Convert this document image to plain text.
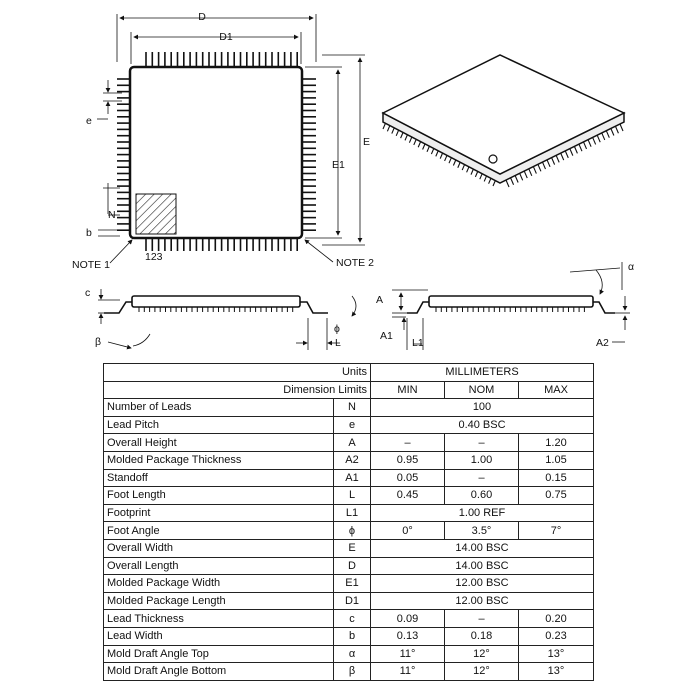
D
D1
E
E1
e
N
b
NOTE 1
123	NOTE 2
c
β
ϕ
L
A
A1
L1
α
A2
Units		MILLIMETERS		
Dimension Limits		MIN	NOM	MAX
Number of Leads	N	100		
Lead Pitch	e	0.40 BSC		
Overall Height	A	–	–	1.20
Molded Package Thickness	A2	0.95	1.00	1.05
Standoff	A1	0.05	–	0.15
Foot Length	L	0.45	0.60	0.75
Footprint	L1	1.00 REF		
Foot Angle	ϕ	0°	3.5°	7°
Overall Width	E	14.00 BSC		
Overall Length	D	14.00 BSC		
Molded Package Width	E1	12.00 BSC		
Molded Package Length	D1	12.00 BSC		
Lead Thickness	c	0.09	–	0.20
Lead Width	b	0.13	0.18	0.23
Mold Draft Angle Top	α	11°	12°	13°
Mold Draft Angle Bottom	β	11°	12°	13°
